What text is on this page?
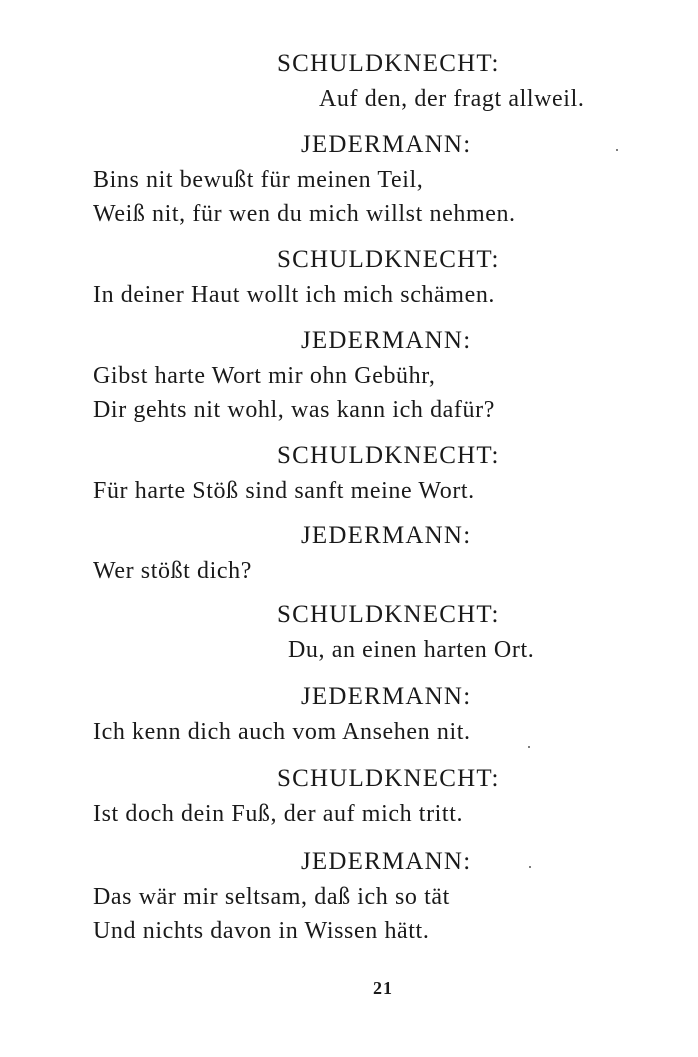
SCHULDKNECHT:
Auf den, der fragt allweil.
JEDERMANN:
Bins nit bewußt für meinen Teil,
Weiß nit, für wen du mich willst nehmen.
SCHULDKNECHT:
In deiner Haut wollt ich mich schämen.
JEDERMANN:
Gibst harte Wort mir ohn Gebühr,
Dir gehts nit wohl, was kann ich dafür?
SCHULDKNECHT:
Für harte Stöß sind sanft meine Wort.
JEDERMANN:
Wer stößt dich?
SCHULDKNECHT:
Du, an einen harten Ort.
JEDERMANN:
Ich kenn dich auch vom Ansehen nit.
SCHULDKNECHT:
Ist doch dein Fuß, der auf mich tritt.
JEDERMANN:
Das wär mir seltsam, daß ich so tät
Und nichts davon in Wissen hätt.
21
